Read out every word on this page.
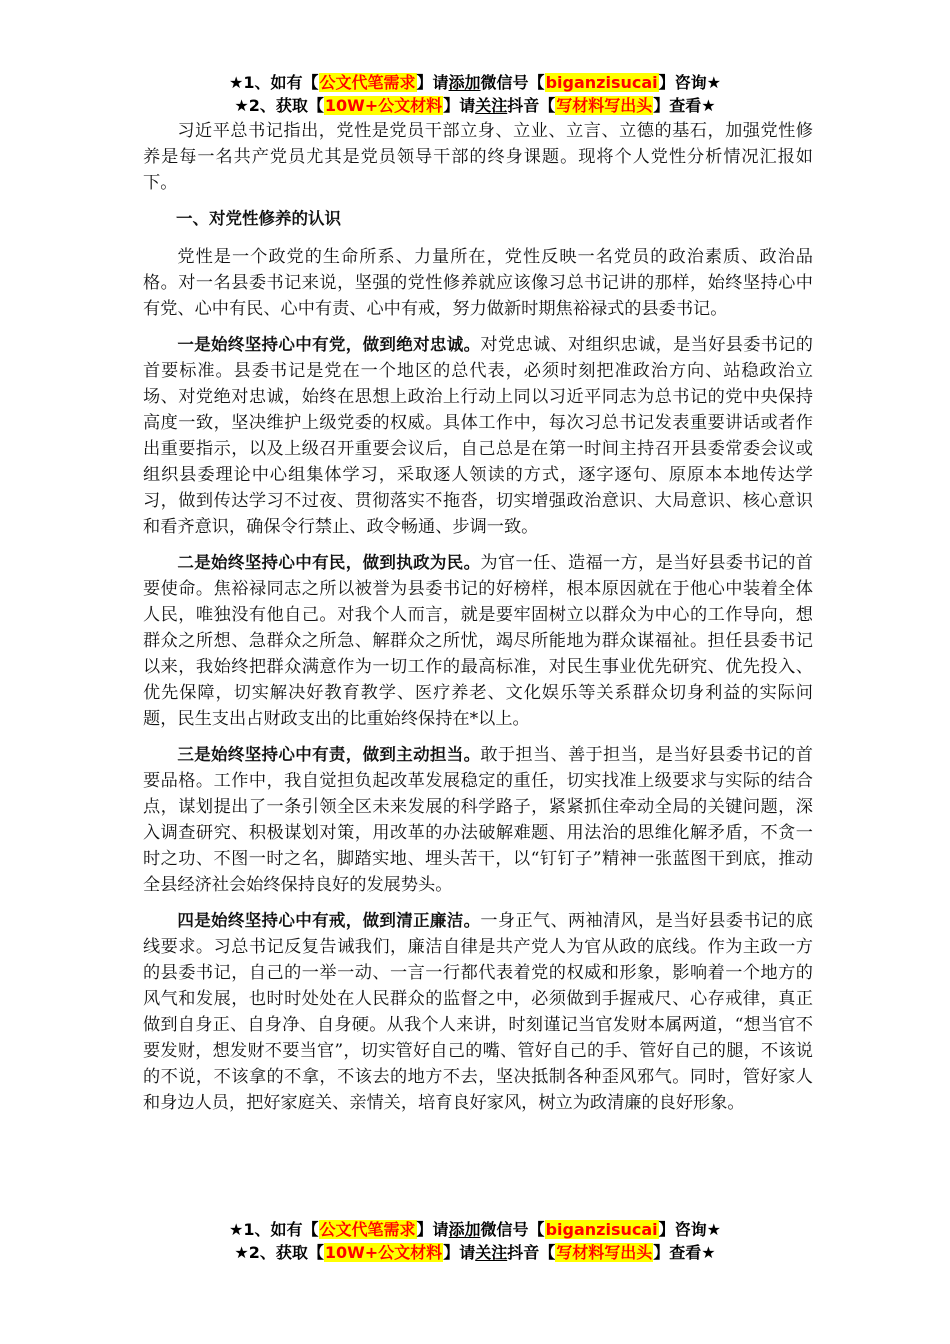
★1、如有【公文代笔需求】请添加微信号【biganzisucai】咨询★
★2、获取【10W+公文材料】请关注抖音【写材料写出头】查看★

习近平总书记指出，党性是党员干部立身、立业、立言、立德的基石，加强党性修养是每一名共产党员尤其是党员领导干部的终身课题。现将个人党性分析情况汇报如下。

一、对党性修养的认识

党性是一个政党的生命所系、力量所在，党性反映一名党员的政治素质、政治品格。对一名县委书记来说，坚强的党性修养就应该像习总书记讲的那样，始终坚持心中有党、心中有民、心中有责、心中有戒，努力做新时期焦裕禄式的县委书记。

一是始终坚持心中有党，做到绝对忠诚。对党忠诚、对组织忠诚，是当好县委书记的首要标准。县委书记是党在一个地区的总代表，必须时刻把准政治方向、站稳政治立场、对党绝对忠诚，始终在思想上政治上行动上同以习近平同志为总书记的党中央保持高度一致，坚决维护上级党委的权威。具体工作中，每次习总书记发表重要讲话或者作出重要指示，以及上级召开重要会议后，自己总是在第一时间主持召开县委常委会议或组织县委理论中心组集体学习，采取逐人领读的方式，逐字逐句、原原本本地传达学习，做到传达学习不过夜、贯彻落实不拖沓，切实增强政治意识、大局意识、核心意识和看齐意识，确保令行禁止、政令畅通、步调一致。

二是始终坚持心中有民，做到执政为民。为官一任、造福一方，是当好县委书记的首要使命。焦裕禄同志之所以被誉为县委书记的好榜样，根本原因就在于他心中装着全体人民，唯独没有他自己。对我个人而言，就是要牢固树立以群众为中心的工作导向，想群众之所想、急群众之所急、解群众之所忧，竭尽所能地为群众谋福祉。担任县委书记以来，我始终把群众满意作为一切工作的最高标准，对民生事业优先研究、优先投入、优先保障，切实解决好教育教学、医疗养老、文化娱乐等关系群众切身利益的实际问题，民生支出占财政支出的比重始终保持在*以上。

三是始终坚持心中有责，做到主动担当。敢于担当、善于担当，是当好县委书记的首要品格。工作中，我自觉担负起改革发展稳定的重任，切实找准上级要求与实际的结合点，谋划提出了一条引领全区未来发展的科学路子，紧紧抓住牵动全局的关键问题，深入调查研究、积极谋划对策，用改革的办法破解难题、用法治的思维化解矛盾，不贪一时之功、不图一时之名，脚踏实地、埋头苦干，以“钉钉子”精神一张蓝图干到底，推动全县经济社会始终保持良好的发展势头。

四是始终坚持心中有戒，做到清正廉洁。一身正气、两袖清风，是当好县委书记的底线要求。习总书记反复告诫我们，廉洁自律是共产党人为官从政的底线。作为主政一方的县委书记，自己的一举一动、一言一行都代表着党的权威和形象，影响着一个地方的风气和发展，也时时处处在人民群众的监督之中，必须做到手握戒尺、心存戒律，真正做到自身正、自身净、自身硬。从我个人来讲，时刻谨记当官发财本属两道，“想当官不要发财，想发财不要当官”，切实管好自己的嘴、管好自己的手、管好自己的腿，不该说的不说，不该拿的不拿，不该去的地方不去，坚决抵制各种歪风邪气。同时，管好家人和身边人员，把好家庭关、亲情关，培育良好家风，树立为政清廉的良好形象。

★1、如有【公文代笔需求】请添加微信号【biganzisucai】咨询★
★2、获取【10W+公文材料】请关注抖音【写材料写出头】查看★
